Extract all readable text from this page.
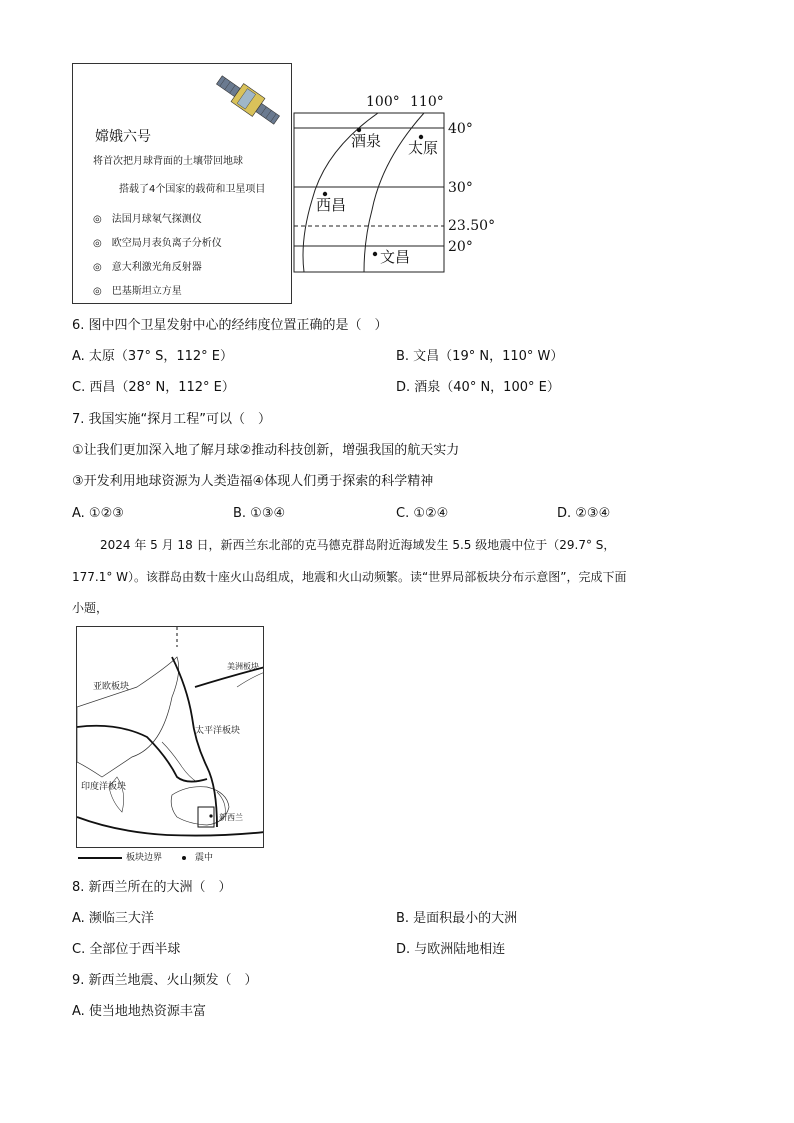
嫦娥六号
将首次把月球背面的土壤带回地球
搭载了4个国家的载荷和卫星项目
◎ 法国月球氡气探测仪
◎ 欧空局月表负离子分析仪
◎ 意大利激光角反射器
◎ 巴基斯坦立方星
100° 110°
40°
30°
23.50°
20°
酒泉 太原
西昌
文昌
6. 图中四个卫星发射中心的经纬度位置正确的是（　）
A. 太原（37° S，112° E）	B. 文昌（19° N，110° W）
C. 西昌（28° N，112° E）	D. 酒泉（40° N，100° E）
7. 我国实施“探月工程”可以（　）
①让我们更加深入地了解月球②推动科技创新，增强我国的航天实力
③开发利用地球资源为人类造福④体现人们勇于探索的科学精神
A. ①②③	B. ①③④	C. ①②④	D. ②③④
2024 年 5 月 18 日，新西兰东北部的克马德克群岛附近海域发生 5.5 级地震中位于（29.7° S，
177.1° W）。该群岛由数十座火山岛组成，地震和火山动频繁。读“世界局部板块分布示意图”，完成下面
小题，
亚欧板块
美洲板块
太平洋板块
印度洋板块
新西兰
板块边界	震中
8. 新西兰所在的大洲（　）
A. 濒临三大洋	B. 是面积最小的大洲
C. 全部位于西半球	D. 与欧洲陆地相连
9. 新西兰地震、火山频发（　）
A. 使当地地热资源丰富
